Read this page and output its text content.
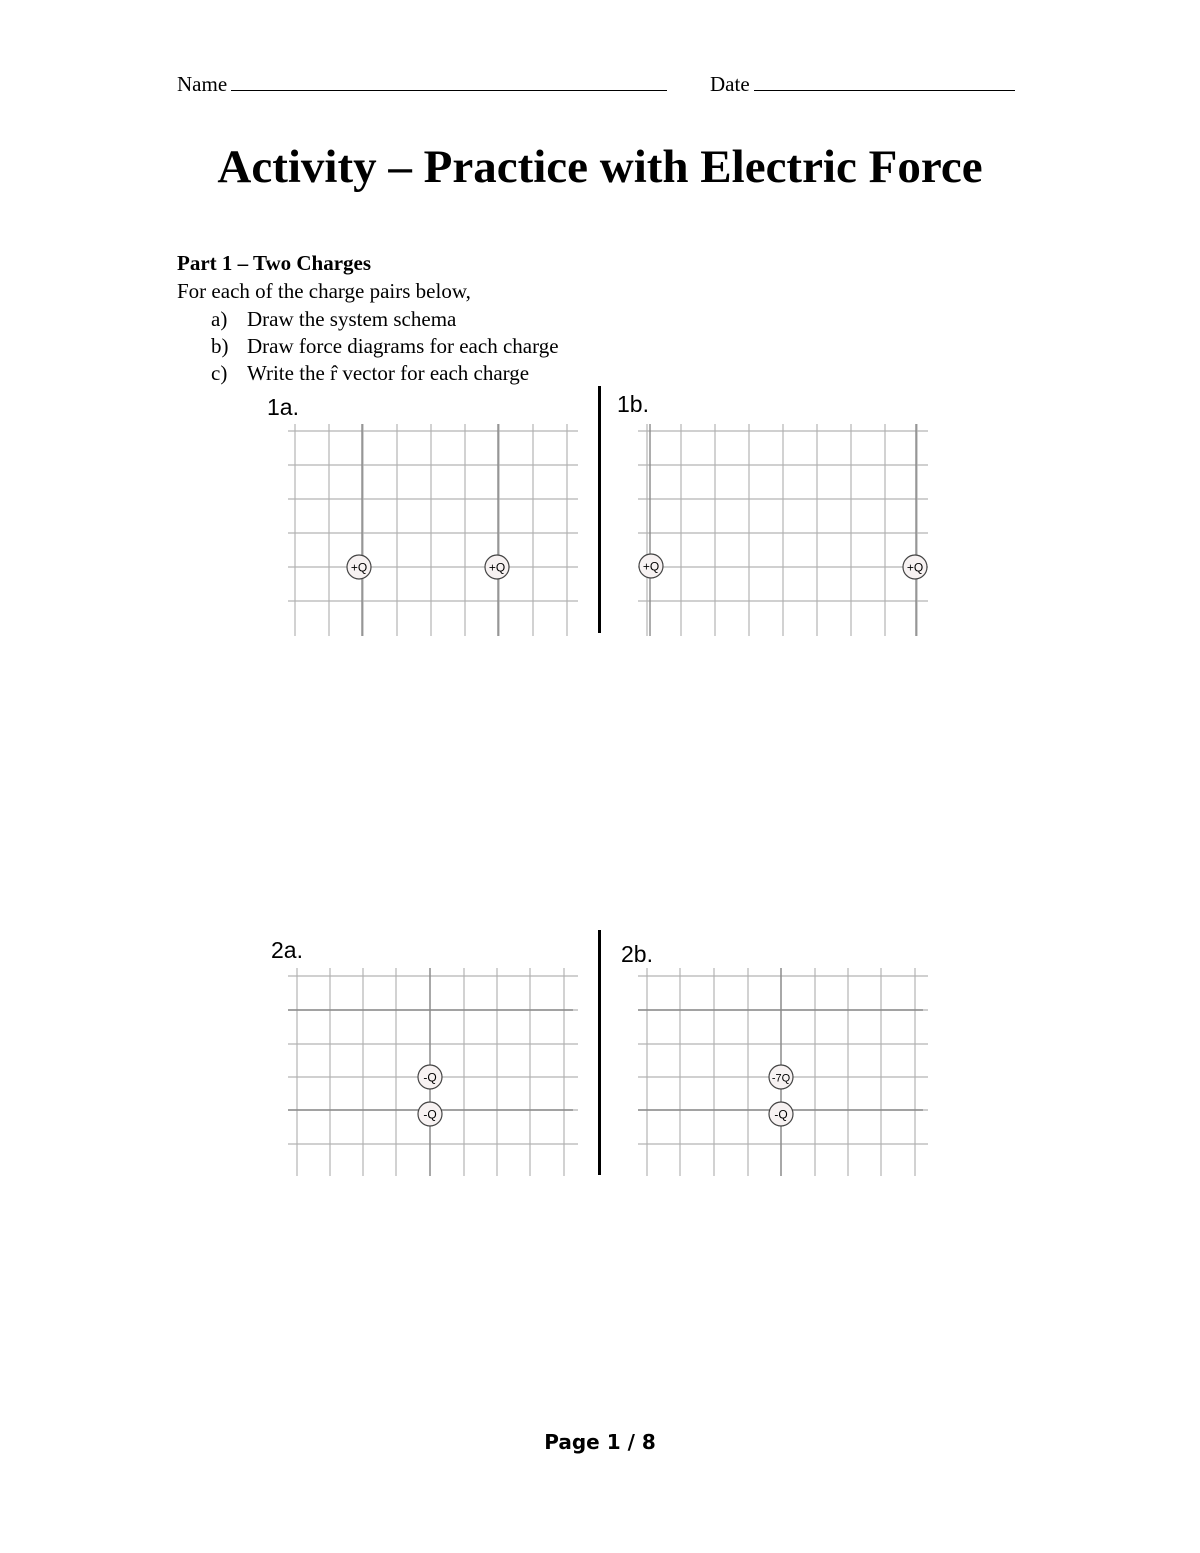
Name	Date
Activity – Practice with Electric Force
Part 1 – Two Charges
For each of the charge pairs below,
a) Draw the system schema
b) Draw force diagrams for each charge
c) Write the r̂ vector for each charge
1a.	1b.
2a.	2b.
+Q	+Q	+Q	+Q
-Q
-Q
-7Q
-Q
Page 1 / 8
